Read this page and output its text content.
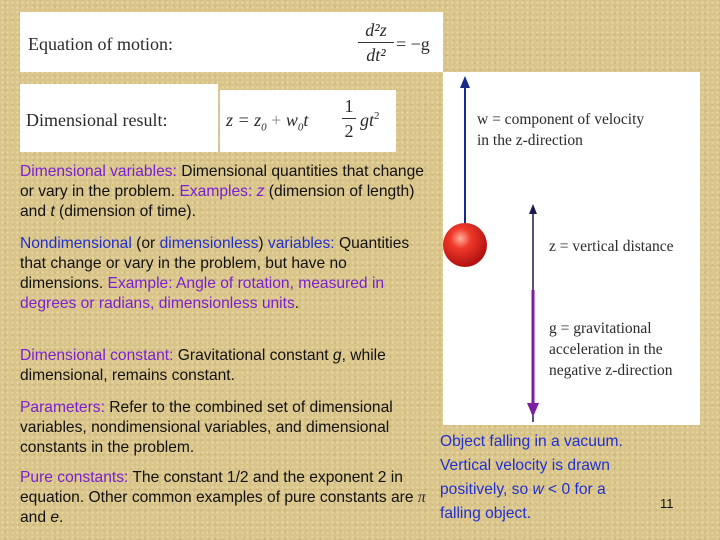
Equation of motion:
d²z
dt²
= −g
Dimensional result:	$z = z_0 + w_0t$
1
2
$gt^2$
Dimensional variables: Dimensional quantities that change or vary in the problem. Examples: z (dimension of length) and t (dimension of time).
Nondimensional (or dimensionless) variables: Quantities that change or vary in the problem, but have no dimensions. Example: Angle of rotation, measured in degrees or radians, dimensionless units.
Dimensional constant: Gravitational constant g, while dimensional, remains constant.
Parameters: Refer to the combined set of dimensional variables, nondimensional variables, and dimensional constants in the problem.
Pure constants: The constant 1/2 and the exponent 2 in equation. Other common examples of pure constants are π and e.
w = component of velocity
in the z-direction
z = vertical distance
g = gravitational
acceleration in the
negative z-direction
Object falling in a vacuum.
Vertical velocity is drawn
positively, so w < 0 for a
falling object.
11
